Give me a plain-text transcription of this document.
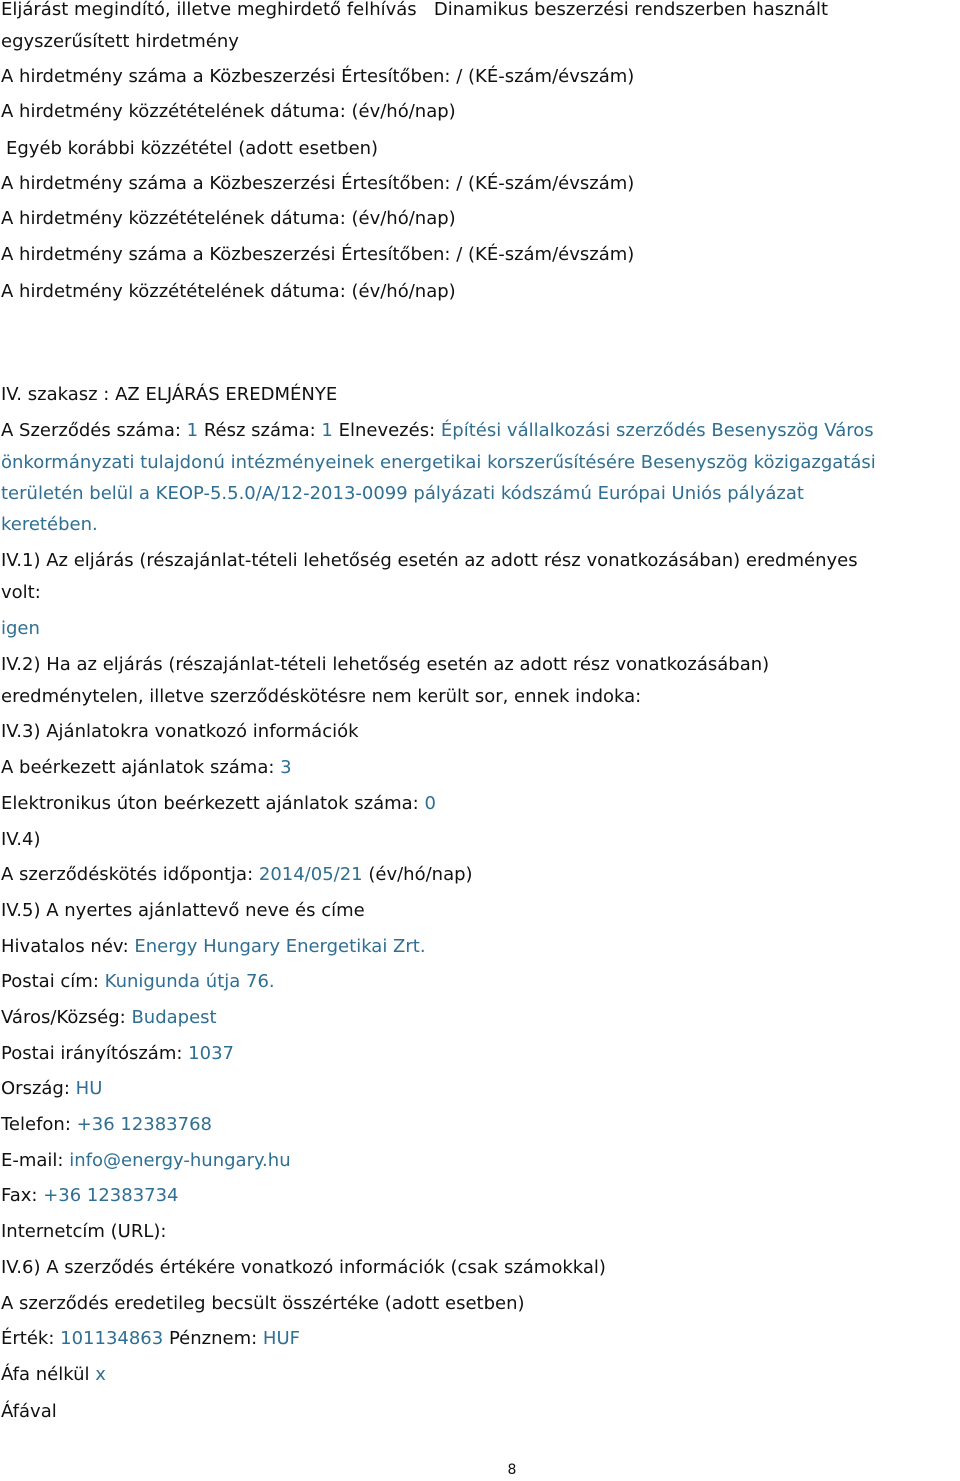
Eljárást megindító, illetve meghirdető felhívás Dinamikus beszerzési rendszerben használt
egyszerűsített hirdetmény
A hirdetmény száma a Közbeszerzési Értesítőben: / (KÉ-szám/évszám)
A hirdetmény közzétételének dátuma: (év/hó/nap)
Egyéb korábbi közzététel (adott esetben)
A hirdetmény száma a Közbeszerzési Értesítőben: / (KÉ-szám/évszám)
A hirdetmény közzétételének dátuma: (év/hó/nap)
A hirdetmény száma a Közbeszerzési Értesítőben: / (KÉ-szám/évszám)
A hirdetmény közzétételének dátuma: (év/hó/nap)
IV. szakasz : AZ ELJÁRÁS EREDMÉNYE
A Szerződés száma: 1 Rész száma: 1 Elnevezés: Építési vállalkozási szerződés Besenyszög Város
önkormányzati tulajdonú intézményeinek energetikai korszerűsítésére Besenyszög közigazgatási
területén belül a KEOP-5.5.0/A/12-2013-0099 pályázati kódszámú Európai Uniós pályázat
keretében.
IV.1) Az eljárás (részajánlat-tételi lehetőség esetén az adott rész vonatkozásában) eredményes
volt:
igen
IV.2) Ha az eljárás (részajánlat-tételi lehetőség esetén az adott rész vonatkozásában)
eredménytelen, illetve szerződéskötésre nem került sor, ennek indoka:
IV.3) Ajánlatokra vonatkozó információk
A beérkezett ajánlatok száma: 3
Elektronikus úton beérkezett ajánlatok száma: 0
IV.4)
A szerződéskötés időpontja: 2014/05/21 (év/hó/nap)
IV.5) A nyertes ajánlattevő neve és címe
Hivatalos név: Energy Hungary Energetikai Zrt.
Postai cím: Kunigunda útja 76.
Város/Község: Budapest
Postai irányítószám: 1037
Ország: HU
Telefon: +36 12383768
E-mail: info@energy-hungary.hu
Fax: +36 12383734
Internetcím (URL):
IV.6) A szerződés értékére vonatkozó információk (csak számokkal)
A szerződés eredetileg becsült összértéke (adott esetben)
Érték: 101134863 Pénznem: HUF
Áfa nélkül x
Áfával
8
